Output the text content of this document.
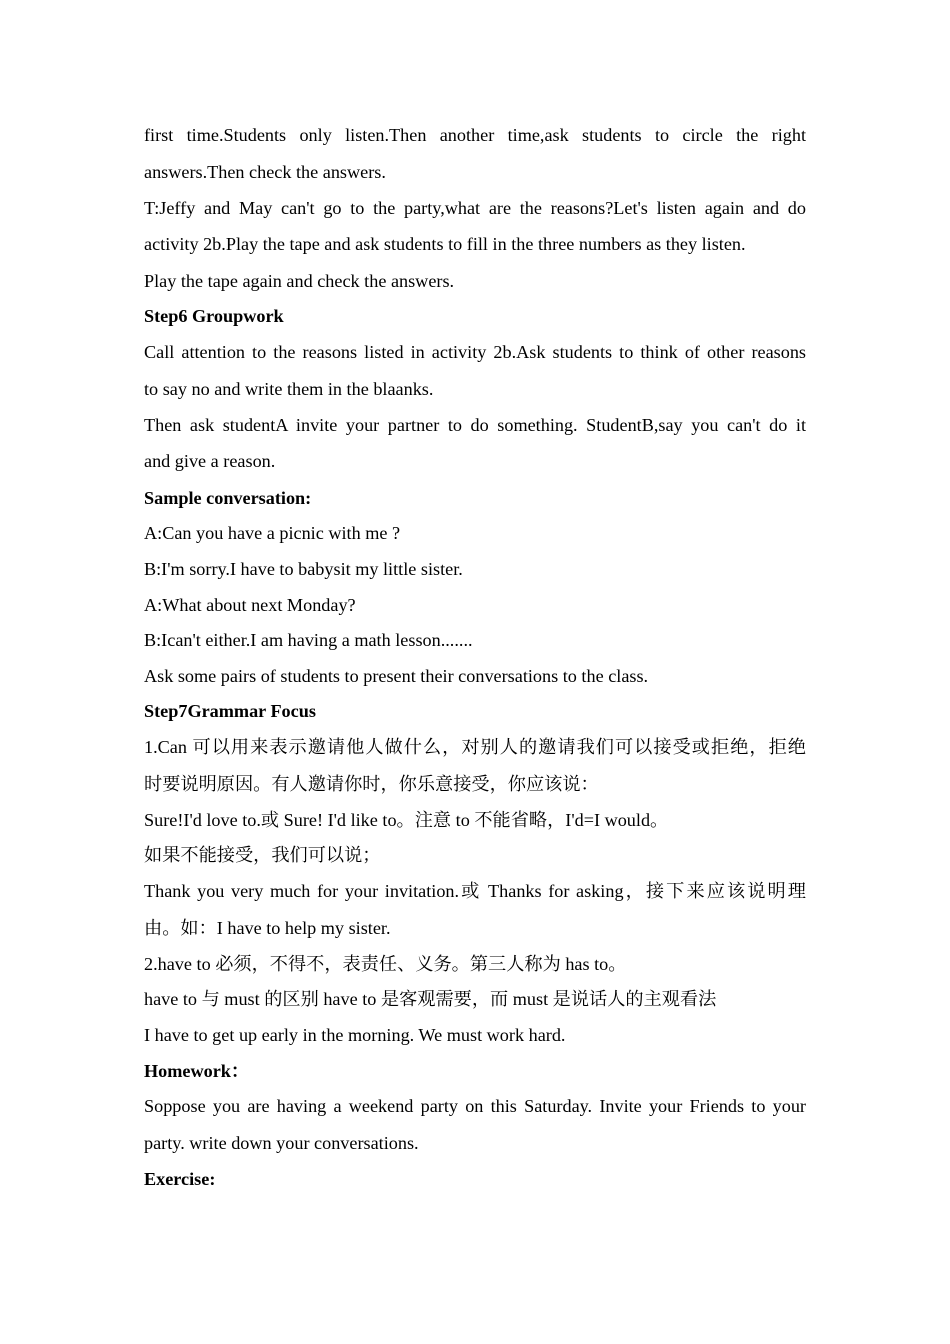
first time.Students only listen.Then another time,ask students to circle the right

answers.Then check the answers.

T:Jeffy and May can't go to the party,what are the reasons?Let's listen again and do

activity 2b.Play the tape and ask students to fill in the three numbers as they listen.

Play the tape again and check the answers.

Step6 Groupwork

Call attention to the reasons listed in activity 2b.Ask students to think of other reasons

to say no and write them in the blaanks.

Then ask studentA invite your partner to do something. StudentB,say you can't do it

and give a reason.

Sample conversation:

A:Can you have a picnic with me ?

B:I'm sorry.I have to babysit my little sister.

A:What about next Monday?

B:Ican't either.I am having a math lesson.......

Ask some pairs of students to present their conversations to the class.

Step7Grammar Focus

1.Can 可以用来表示邀请他人做什么，对别人的邀请我们可以接受或拒绝，拒绝

时要说明原因。有人邀请你时，你乐意接受，你应该说：

Sure!I'd love to.或 Sure! I'd like to。注意 to 不能省略，I'd=I would。

如果不能接受，我们可以说；

Thank you very much for your invitation.或 Thanks for asking，接下来应该说明理

由。如：I have to help my sister.

2.have to 必须，不得不，表责任、义务。第三人称为 has to。

have to 与 must 的区别 have to 是客观需要，而 must 是说话人的主观看法

I have to get up early in the morning. We must work hard.

Homework：

Soppose you are having a weekend party on this Saturday. Invite your Friends to your

party. write down your conversations.

Exercise:
